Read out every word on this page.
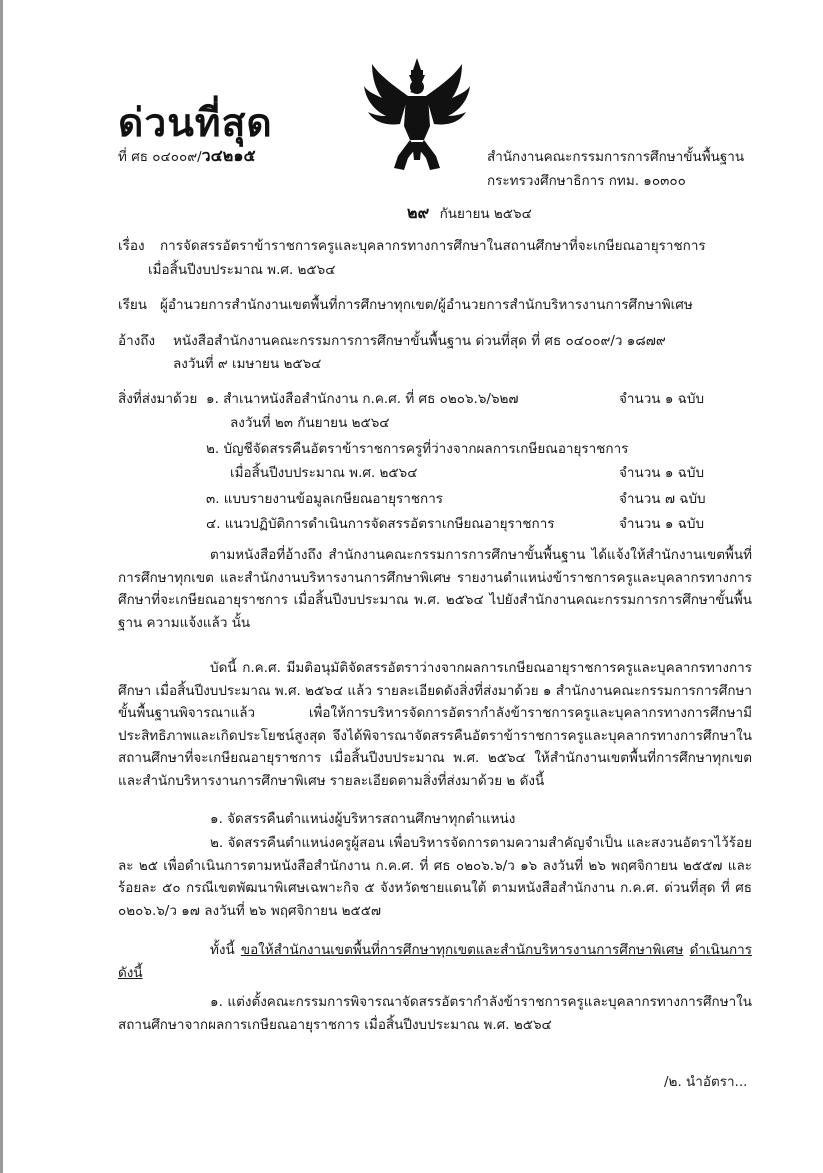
ด่วนที่สุด
ที่ ศธ ๐๔๐๐๙/ว๔๒๑๕	สำนักงานคณะกรรมการการศึกษาขั้นพื้นฐาน
กระทรวงศึกษาธิการ กทม. ๑๐๓๐๐
๒๙ กันยายน ๒๕๖๔
เรื่อง การจัดสรรอัตราข้าราชการครูและบุคลากรทางการศึกษาในสถานศึกษาที่จะเกษียณอายุราชการ
เมื่อสิ้นปีงบประมาณ พ.ศ. ๒๕๖๔
เรียน ผู้อำนวยการสำนักงานเขตพื้นที่การศึกษาทุกเขต/ผู้อำนวยการสำนักบริหารงานการศึกษาพิเศษ
อ้างถึง หนังสือสำนักงานคณะกรรมการการศึกษาขั้นพื้นฐาน ด่วนที่สุด ที่ ศธ ๐๔๐๐๙/ว ๑๘๗๙
ลงวันที่ ๙ เมษายน ๒๕๖๔
สิ่งที่ส่งมาด้วย ๑. สำเนาหนังสือสำนักงาน ก.ค.ศ. ที่ ศธ ๐๒๐๖.๖/๖๒๗	จำนวน ๑ ฉบับ
ลงวันที่ ๒๓ กันยายน ๒๕๖๔
๒. บัญชีจัดสรรคืนอัตราข้าราชการครูที่ว่างจากผลการเกษียณอายุราชการ
เมื่อสิ้นปีงบประมาณ พ.ศ. ๒๕๖๔	จำนวน ๑ ฉบับ
๓. แบบรายงานข้อมูลเกษียณอายุราชการ	จำนวน ๗ ฉบับ
๔. แนวปฏิบัติการดำเนินการจัดสรรอัตราเกษียณอายุราชการ	จำนวน ๑ ฉบับ
ตามหนังสือที่อ้างถึง สำนักงานคณะกรรมการการศึกษาขั้นพื้นฐาน ได้แจ้งให้สำนักงานเขตพื้นที่การศึกษาทุกเขต และสำนักงานบริหารงานการศึกษาพิเศษ รายงานตำแหน่งข้าราชการครูและบุคลากรทางการศึกษาที่จะเกษียณอายุราชการ เมื่อสิ้นปีงบประมาณ พ.ศ. ๒๕๖๔ ไปยังสำนักงานคณะกรรมการการศึกษาขั้นพื้นฐาน ความแจ้งแล้ว นั้น
บัดนี้ ก.ค.ศ. มีมติอนุมัติจัดสรรอัตราว่างจากผลการเกษียณอายุราชการครูและบุคลากรทางการศึกษา เมื่อสิ้นปีงบประมาณ พ.ศ. ๒๕๖๔ แล้ว รายละเอียดดังสิ่งที่ส่งมาด้วย ๑ สำนักงานคณะกรรมการการศึกษาขั้นพื้นฐานพิจารณาแล้ว เพื่อให้การบริหารจัดการอัตรากำลังข้าราชการครูและบุคลากรทางการศึกษามีประสิทธิภาพและเกิดประโยชน์สูงสุด จึงได้พิจารณาจัดสรรคืนอัตราข้าราชการครูและบุคลากรทางการศึกษาในสถานศึกษาที่จะเกษียณอายุราชการ เมื่อสิ้นปีงบประมาณ พ.ศ. ๒๕๖๔ ให้สำนักงานเขตพื้นที่การศึกษาทุกเขตและสำนักบริหารงานการศึกษาพิเศษ รายละเอียดตามสิ่งที่ส่งมาด้วย ๒ ดังนี้
๑. จัดสรรคืนตำแหน่งผู้บริหารสถานศึกษาทุกตำแหน่ง
๒. จัดสรรคืนตำแหน่งครูผู้สอน เพื่อบริหารจัดการตามความสำคัญจำเป็น และสงวนอัตราไว้ร้อยละ ๒๕ เพื่อดำเนินการตามหนังสือสำนักงาน ก.ค.ศ. ที่ ศธ ๐๒๐๖.๖/ว ๑๖ ลงวันที่ ๒๖ พฤศจิกายน ๒๕๕๗ และร้อยละ ๕๐ กรณีเขตพัฒนาพิเศษเฉพาะกิจ ๕ จังหวัดชายแดนใต้ ตามหนังสือสำนักงาน ก.ค.ศ. ด่วนที่สุด ที่ ศธ ๐๒๐๖.๖/ว ๑๗ ลงวันที่ ๒๖ พฤศจิกายน ๒๕๕๗
ทั้งนี้ ขอให้สำนักงานเขตพื้นที่การศึกษาทุกเขตและสำนักบริหารงานการศึกษาพิเศษ ดำเนินการดังนี้
๑. แต่งตั้งคณะกรรมการพิจารณาจัดสรรอัตรากำลังข้าราชการครูและบุคลากรทางการศึกษาในสถานศึกษาจากผลการเกษียณอายุราชการ เมื่อสิ้นปีงบประมาณ พ.ศ. ๒๕๖๔
/๒. นำอัตรา...
